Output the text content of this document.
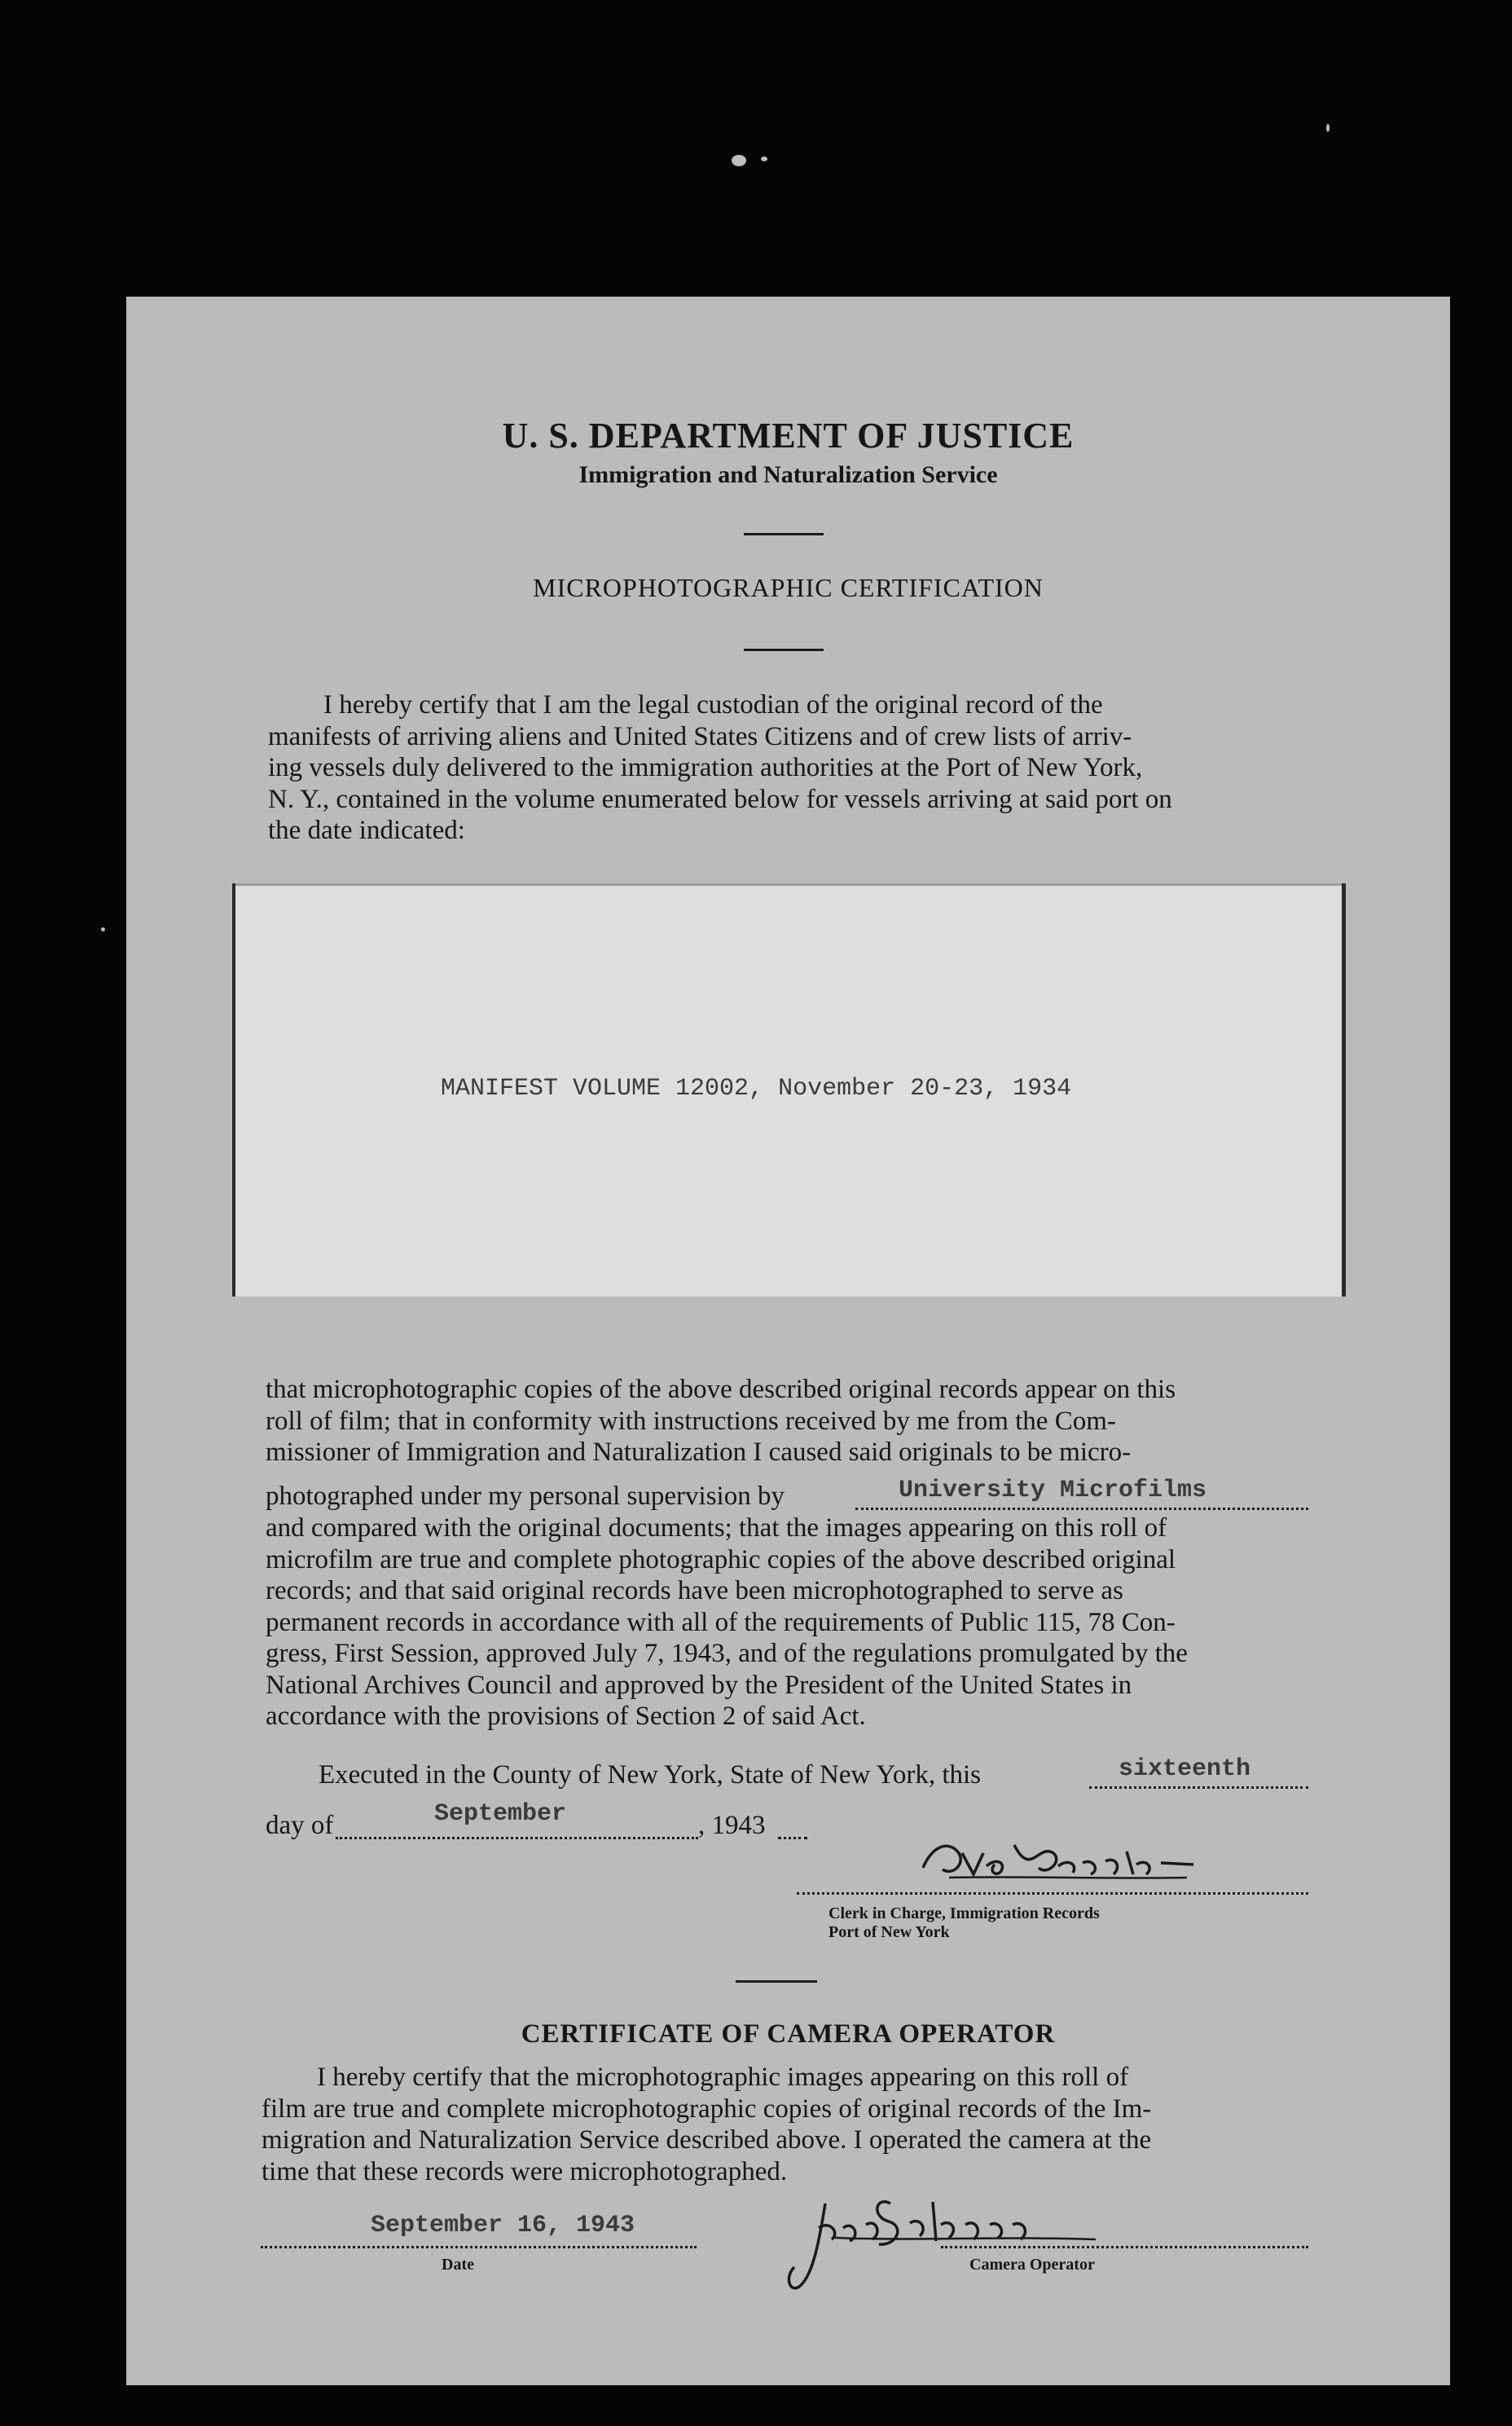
U. S. DEPARTMENT OF JUSTICE
Immigration and Naturalization Service
MICROPHOTOGRAPHIC CERTIFICATION
I hereby certify that I am the legal custodian of the original record of the
manifests of arriving aliens and United States Citizens and of crew lists of arriv-
ing vessels duly delivered to the immigration authorities at the Port of New York,
N. Y., contained in the volume enumerated below for vessels arriving at said port on
the date indicated:
MANIFEST VOLUME 12002, November 20-23, 1934
that microphotographic copies of the above described original records appear on this
roll of film; that in conformity with instructions received by me from the Com-
missioner of Immigration and Naturalization I caused said originals to be micro-
photographed under my personal supervision by	University Microfilms
and compared with the original documents; that the images appearing on this roll of
microfilm are true and complete photographic copies of the above described original
records; and that said original records have been microphotographed to serve as
permanent records in accordance with all of the requirements of Public 115, 78 Con-
gress, First Session, approved July 7, 1943, and of the regulations promulgated by the
National Archives Council and approved by the President of the United States in
accordance with the provisions of Section 2 of said Act.
Executed in the County of New York, State of New York, this	sixteenth
day of	September	, 1943
Clerk in Charge, Immigration Records
Port of New York
CERTIFICATE OF CAMERA OPERATOR
I hereby certify that the microphotographic images appearing on this roll of
film are true and complete microphotographic copies of original records of the Im-
migration and Naturalization Service described above. I operated the camera at the
time that these records were microphotographed.
September 16, 1943
Date	Camera Operator
